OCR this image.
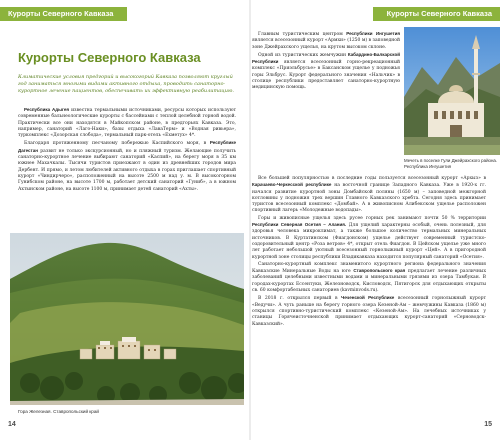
Курорты Северного Кавказа
Курорты Северного Кавказа

Климатические условия предгорий и высокогорий Кавказа позволяют круглый год заниматься многими видами активного отдыха, проводить санаторно-курортное лечение пациентов, обеспечивать их эффективную реабилитацию.

Республика Адыгея известна термальными источниками, ресурсы которых используют современные бальнеологические курорты с бассейнами с теплой целебной горной водой. Практически все они находятся в Майкопском районе, в предгорьях Кавказа. Это, например, санаторий «Лаго-Наки», базы отдыха «ЛаваТерм» и «Водная ривьера», туркомплекс «Дозорская слобода», термальный парк-отель «Ехметух» 4*.

Благодаря протяженному песчаному побережью Каспийского моря, в Республике Дагестан развит не только экскурсионный, но и пляжный туризм. Желающие получить санаторно-курортное лечение выбирают санаторий «Каспий», на берегу моря в 35 км южнее Махачкалы. Тысячи туристов приезжают в один из древнейших городов мира Дербент. И прямо, и летом любителей активного отдыха в горах приглашает спортивный курорт «Чиндирчеро», расположенный на высоте 2500 м над у. м. В высокогорном Гунибском районе, на высоте 1700 м, работает детский санаторий «Гуниб», а в южном Ахтынском районе, на высоте 1100 м, принимает детей санаторий «Ахты».

Гора Железная. Ставропольский край
14
Курорты Северного Кавказа

Главным туристическим центром Республики Ингушетия является всесезонный курорт «Армхи» (1250 м) в заповедной зоне Джейрахского ущелья, на крутом высоком склоне.

Одной из туристических жемчужин Кабардино-Балкарской Республики является всесезонный горно-рекреационный комплекс «Приэльбрусье» в Баксанском ущелье у подножья горы Эльбрус. Курорт федерального значения «Нальчик» в столице республики предоставляет санаторно-курортную медицинскую помощь.

Мечеть в поселке Гули Джейрахского района. Республика Ингушетия

Все большей популярностью в последние годы пользуется всесезонный курорт «Архыз» в Карачаево-Черкесской республике на восточной границе Западного Кавказа. Уже в 1920-х гг. начался развитие курортной зоны Домбайской поляны (1650 м) – заповедной межгорной котловины у подножия трех вершин Главного Кавказского хребта. Сегодня здесь принимает туристов всесезонный комплекс «Домбай». А в живописном Алибекском ущелье расположен спортивный лагерь «Молодежные водопады».

Горы и живописные ущелья здесь русее горных рек занимают почти 50 % территории Республики Северная Осетия – Алания. Для ущелий характерны особый, очень полезный, для здоровья человека микроклимат, а также большое количество термальных минеральных источников. В Куртатинском (Фиагдонском) ущелье действует современный туристско-оздоровительный центр «Роза ветров» 4*, открыт отель Фиагдон. В Цейском ущелье уже много лет работает небольшой уютный всесезонный горнолыжный курорт «Цей». А в пригородной курортной зоне столицы республики Владикавказа находится популярный санаторий «Осетия».

Санаторно-курортный комплекс знаменитого курортного региона федерального значения Кавказские Минеральные Воды на юге Ставропольского края предлагает лечение различных заболеваний целебными известными водами и минеральными грязями из озера Тамбукан. В городах-курортах Ессентуки, Железноводск, Кисловодск, Пятигорск для отдыхающих открыты св. 60 комфортабельных санаториев (kavminvods.ru).

В 2018 г. открылся первый в Чеченской Республике всесезонный горнолыжный курорт «Ведучи». А чуть раньше на берегу горного озера Кезеной-Ам – жемчужины Кавказа (1860 м) открылся спортивно-туристический комплекс «Кезеной-Ам». На лечебных источниках у станицы Горячеисточненской принимает отдыхающих курорт-санаторий «Серноводск-Кавказский».

15
